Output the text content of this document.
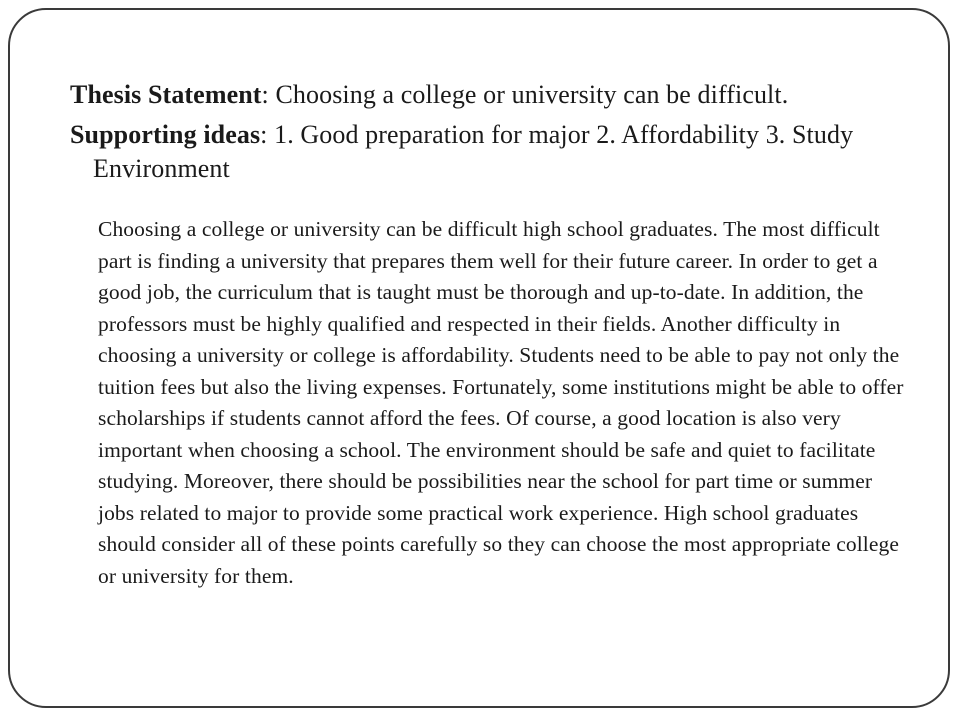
Thesis Statement: Choosing a college or university can be difficult.

Supporting ideas: 1. Good preparation for major 2. Affordability 3. Study Environment

Choosing a college or university can be difficult high school graduates. The most difficult part is finding a university that prepares them well for their future career. In order to get a good job, the curriculum that is taught must be thorough and up-to-date. In addition, the professors must be highly qualified and respected in their fields. Another difficulty in choosing a university or college is affordability. Students need to be able to pay not only the tuition fees but also the living expenses. Fortunately, some institutions might be able to offer scholarships if students cannot afford the fees. Of course, a good location is also very important when choosing a school. The environment should be safe and quiet to facilitate studying. Moreover, there should be possibilities near the school for part time or summer jobs related to major to provide some practical work experience. High school graduates should consider all of these points carefully so they can choose the most appropriate college or university for them.
